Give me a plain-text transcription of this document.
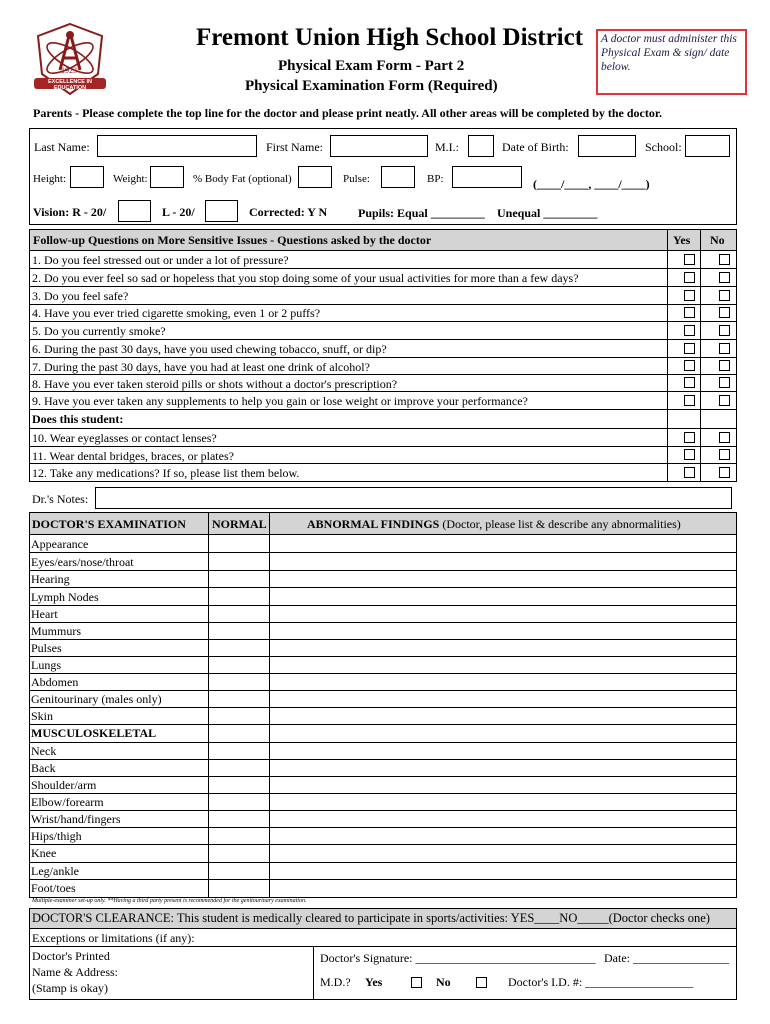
1923
EXCELLENCE IN EDUCATION
Fremont Union High School District
Physical Exam Form - Part 2
Physical Examination Form (Required)
A doctor must administer this Physical Exam & sign/ date below.
Parents - Please complete the top line for the doctor and please print neatly. All other areas will be completed by the doctor.
Last Name:	First Name:	M.I.:	Date of Birth:	School:
Height:	Weight:	% Body Fat (optional)	Pulse:	BP:	(____/____, ____/____)
Vision: R - 20/	L - 20/	Corrected: Y N	Pupils: Equal _________ Unequal _________
Follow-up Questions on More Sensitive Issues - Questions asked by the doctor	Yes No
1. Do you feel stressed out or under a lot of pressure?
2. Do you ever feel so sad or hopeless that you stop doing some of your usual activities for more than a few days?
3. Do you feel safe?
4. Have you ever tried cigarette smoking, even 1 or 2 puffs?
5. Do you currently smoke?
6. During the past 30 days, have you used chewing tobacco, snuff, or dip?
7. During the past 30 days, have you had at least one drink of alcohol?
8. Have you ever taken steroid pills or shots without a doctor's prescription?
9. Have you ever taken any supplements to help you gain or lose weight or improve your performance?
Does this student:
10. Wear eyeglasses or contact lenses?
11. Wear dental bridges, braces, or plates?
12. Take any medications? If so, please list them below.
Dr.'s Notes:
DOCTOR'S EXAMINATION NORMAL	ABNORMAL FINDINGS (Doctor, please list & describe any abnormalities)
Appearance
Eyes/ears/nose/throat
Hearing
Lymph Nodes
Heart
Mummurs
Pulses
Lungs
Abdomen
Genitourinary (males only)
Skin
MUSCULOSKELETAL
Neck
Back
Shoulder/arm
Elbow/forearm
Wrist/hand/fingers
Hips/thigh
Knee
Leg/ankle
Foot/toes
Multiple-examiner set-up only. **Having a third party present is recommended for the genitourinary examination.
DOCTOR'S CLEARANCE: This student is medically cleared to participate in sports/activities: YES____NO_____(Doctor checks one)
Exceptions or limitations (if any):
Doctor's Printed
Name & Address:
(Stamp is okay)
Doctor's Signature: ______________________________ Date: ________________
M.D.? Yes	No	Doctor's I.D. #: __________________
